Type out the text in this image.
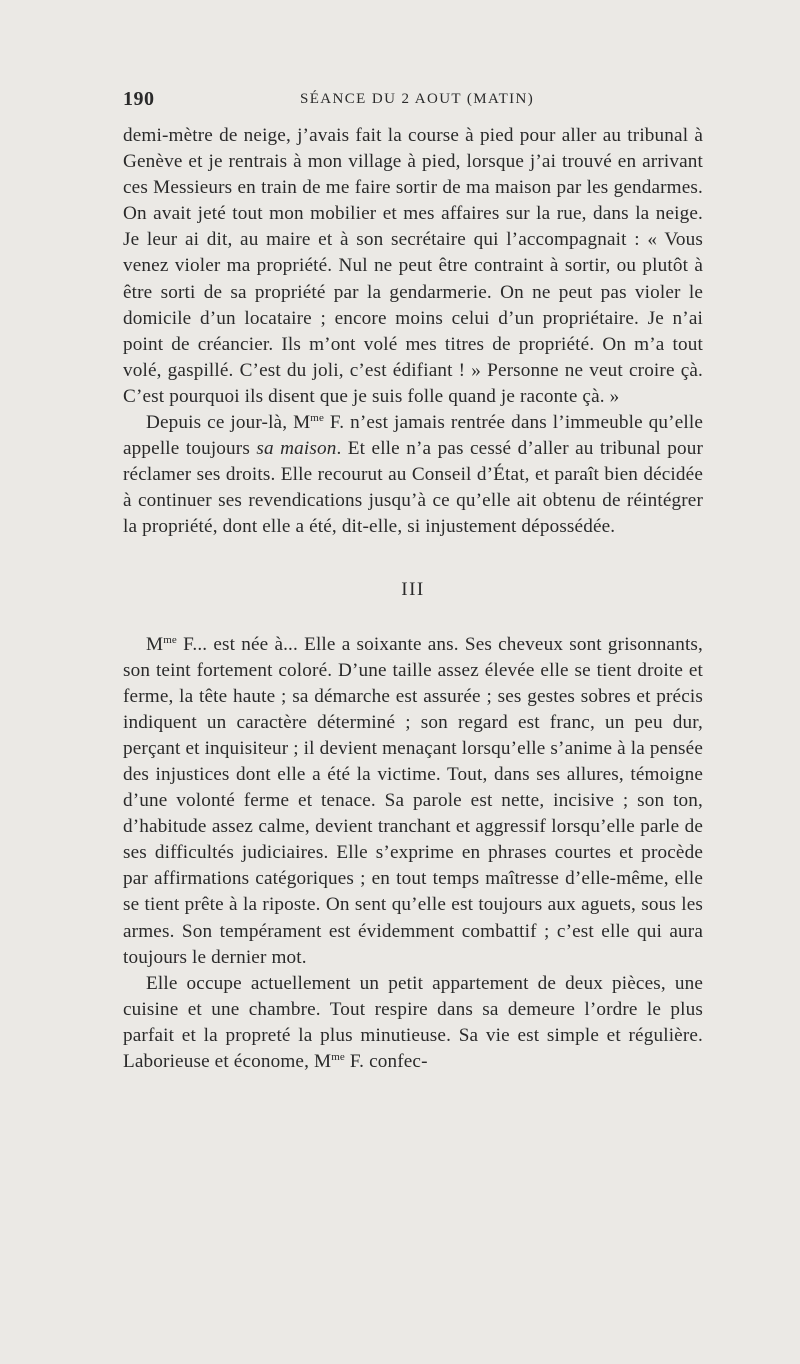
190	SÉANCE DU 2 AOUT (MATIN)

demi-mètre de neige, j’avais fait la course à pied pour aller au tribunal à Genève et je rentrais à mon village à pied, lorsque j’ai trouvé en arrivant ces Messieurs en train de me faire sortir de ma maison par les gendarmes. On avait jeté tout mon mobilier et mes affaires sur la rue, dans la neige. Je leur ai dit, au maire et à son secrétaire qui l’accompagnait : « Vous venez violer ma propriété. Nul ne peut être contraint à sortir, ou plutôt à être sorti de sa propriété par la gendarmerie. On ne peut pas violer le domicile d’un locataire ; encore moins celui d’un propriétaire. Je n’ai point de créancier. Ils m’ont volé mes titres de propriété. On m’a tout volé, gaspillé. C’est du joli, c’est édifiant ! » Personne ne veut croire çà. C’est pourquoi ils disent que je suis folle quand je raconte çà. »

Depuis ce jour-là, $M^{me}$ F. n’est jamais rentrée dans l’immeuble qu’elle appelle toujours sa maison. Et elle n’a pas cessé d’aller au tribunal pour réclamer ses droits. Elle recourut au Conseil d’État, et paraît bien décidée à continuer ses revendications jusqu’à ce qu’elle ait obtenu de réintégrer la propriété, dont elle a été, dit-elle, si injustement dépossédée.

III

$M^{me}$ F... est née à... Elle a soixante ans. Ses cheveux sont grisonnants, son teint fortement coloré. D’une taille assez élevée elle se tient droite et ferme, la tête haute ; sa démarche est assurée ; ses gestes sobres et précis indiquent un caractère déterminé ; son regard est franc, un peu dur, perçant et inquisiteur ; il devient menaçant lorsqu’elle s’anime à la pensée des injustices dont elle a été la victime. Tout, dans ses allures, témoigne d’une volonté ferme et tenace. Sa parole est nette, incisive ; son ton, d’habitude assez calme, devient tranchant et aggressif lorsqu’elle parle de ses difficultés judiciaires. Elle s’exprime en phrases courtes et procède par affirmations catégoriques ; en tout temps maîtresse d’elle-même, elle se tient prête à la riposte. On sent qu’elle est toujours aux aguets, sous les armes. Son tempérament est évidemment combattif ; c’est elle qui aura toujours le dernier mot.

Elle occupe actuellement un petit appartement de deux pièces, une cuisine et une chambre. Tout respire dans sa demeure l’ordre le plus parfait et la propreté la plus minutieuse. Sa vie est simple et régulière. Laborieuse et économe, $M^{me}$ F. confec-
